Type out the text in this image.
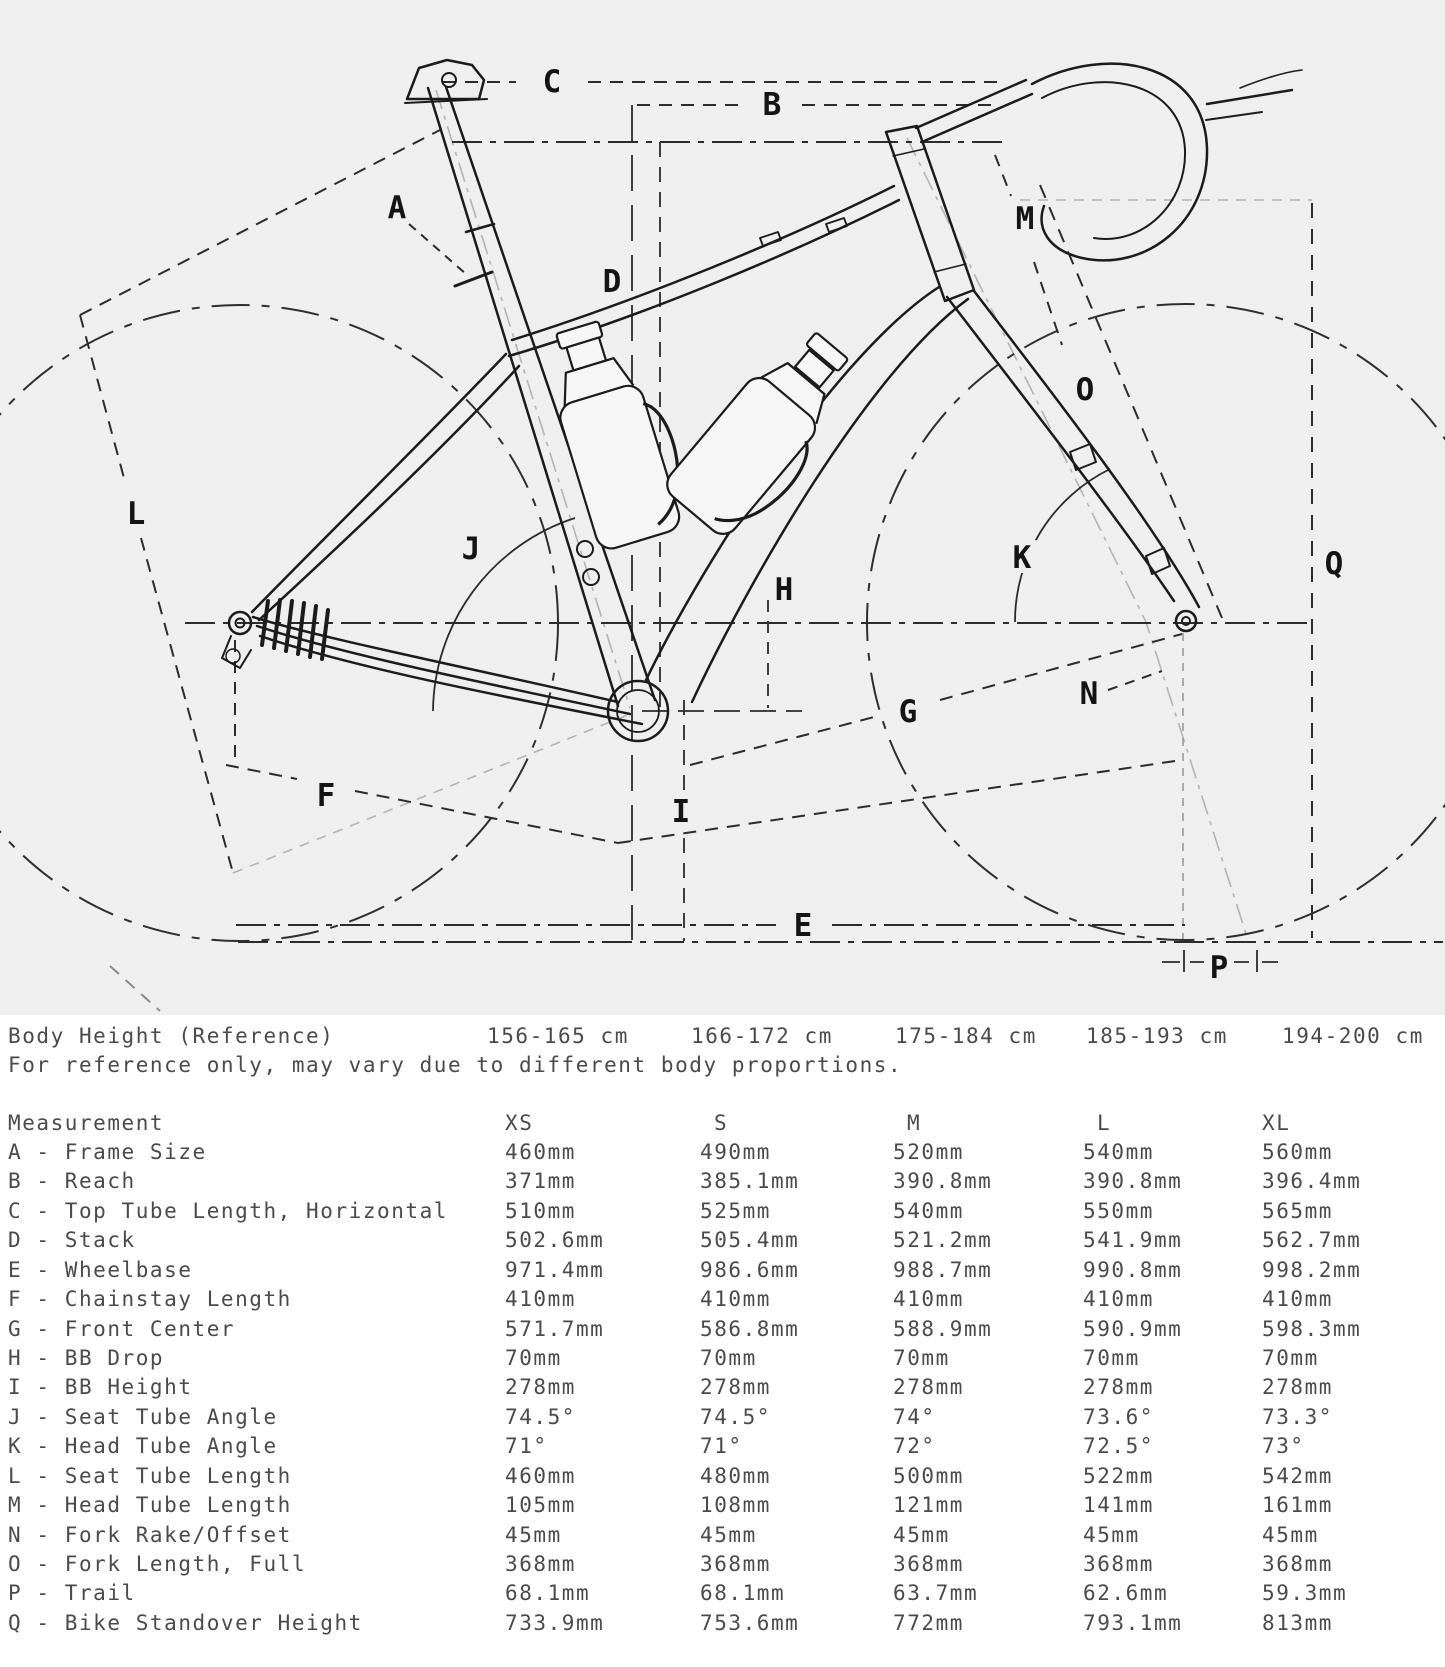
A
B
C
D
E
F
G
H
I
J	K
L
M
N
O
P
Q
Body Height (Reference)	156-165 cm	166-172 cm	175-184 cm 185-193 cm	194-200 cm
For reference only, may vary due to different body proportions.
Measurement	XS	S	M	L	XL
A - Frame Size	460mm	490mm	520mm	540mm	560mm
B - Reach	371mm	385.1mm	390.8mm	390.8mm	396.4mm
C - Top Tube Length, Horizontal	510mm	525mm	540mm	550mm	565mm
D - Stack	502.6mm	505.4mm	521.2mm	541.9mm	562.7mm
E - Wheelbase	971.4mm	986.6mm	988.7mm	990.8mm	998.2mm
F - Chainstay Length	410mm	410mm	410mm	410mm	410mm
G - Front Center	571.7mm	586.8mm	588.9mm	590.9mm	598.3mm
H - BB Drop	70mm	70mm	70mm	70mm	70mm
I - BB Height	278mm	278mm	278mm	278mm	278mm
J - Seat Tube Angle	74.5°	74.5°	74°	73.6°	73.3°
K - Head Tube Angle	71°	71°	72°	72.5°	73°
L - Seat Tube Length	460mm	480mm	500mm	522mm	542mm
M - Head Tube Length	105mm	108mm	121mm	141mm	161mm
N - Fork Rake/Offset	45mm	45mm	45mm	45mm	45mm
O - Fork Length, Full	368mm	368mm	368mm	368mm	368mm
P - Trail	68.1mm	68.1mm	63.7mm	62.6mm	59.3mm
Q - Bike Standover Height	733.9mm	753.6mm	772mm	793.1mm	813mm
